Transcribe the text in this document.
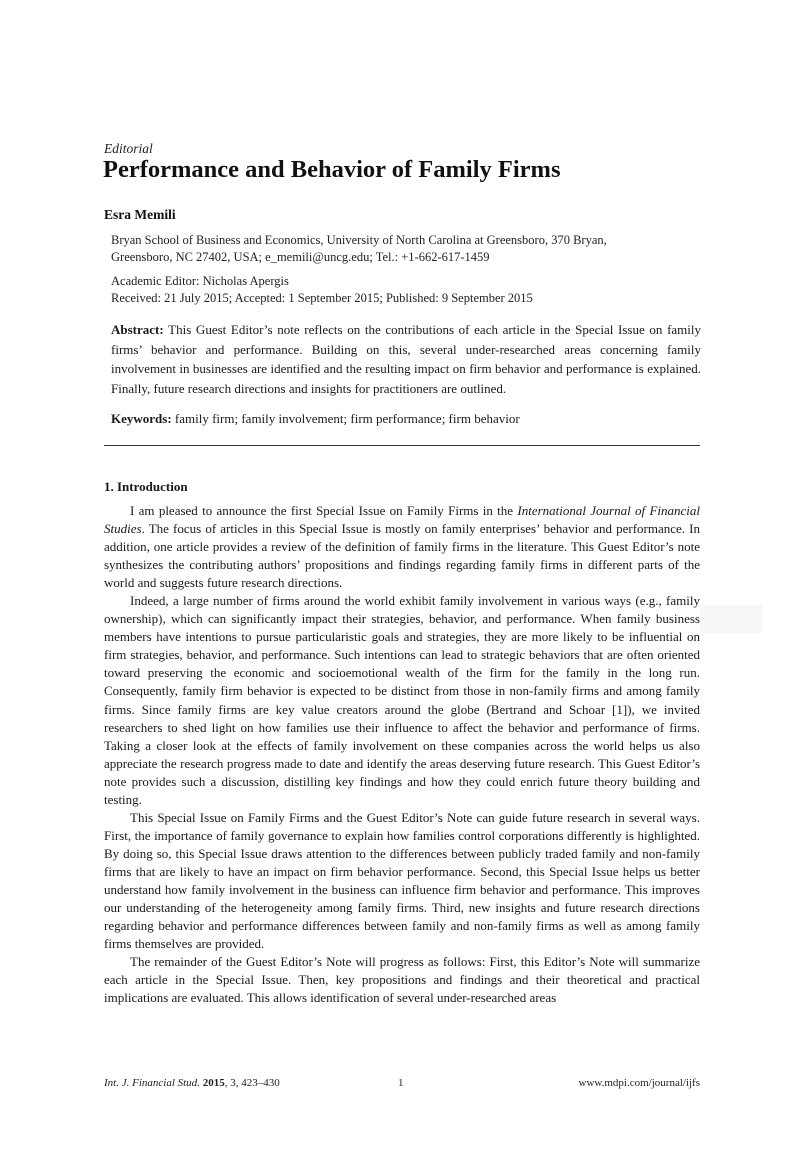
Editorial
Performance and Behavior of Family Firms
Esra Memili
Bryan School of Business and Economics, University of North Carolina at Greensboro, 370 Bryan,
Greensboro, NC 27402, USA; e_memili@uncg.edu; Tel.: +1-662-617-1459
Academic Editor: Nicholas Apergis
Received: 21 July 2015; Accepted: 1 September 2015; Published: 9 September 2015
Abstract: This Guest Editor’s note reflects on the contributions of each article in the Special Issue on family firms’ behavior and performance. Building on this, several under-researched areas concerning family involvement in businesses are identified and the resulting impact on firm behavior and performance is explained. Finally, future research directions and insights for practitioners are outlined.
Keywords: family firm; family involvement; firm performance; firm behavior
1. Introduction

I am pleased to announce the first Special Issue on Family Firms in the International Journal of Financial Studies. The focus of articles in this Special Issue is mostly on family enterprises’ behavior and performance. In addition, one article provides a review of the definition of family firms in the literature. This Guest Editor’s note synthesizes the contributing authors’ propositions and findings regarding family firms in different parts of the world and suggests future research directions.

Indeed, a large number of firms around the world exhibit family involvement in various ways (e.g., family ownership), which can significantly impact their strategies, behavior, and performance. When family business members have intentions to pursue particularistic goals and strategies, they are more likely to be influential on firm strategies, behavior, and performance. Such intentions can lead to strategic behaviors that are often oriented toward preserving the economic and socioemotional wealth of the firm for the family in the long run. Consequently, family firm behavior is expected to be distinct from those in non-family firms and among family firms. Since family firms are key value creators around the globe (Bertrand and Schoar [1]), we invited researchers to shed light on how families use their influence to affect the behavior and performance of firms. Taking a closer look at the effects of family involvement on these companies across the world helps us also appreciate the research progress made to date and identify the areas deserving future research. This Guest Editor’s note provides such a discussion, distilling key findings and how they could enrich future theory building and testing.

This Special Issue on Family Firms and the Guest Editor’s Note can guide future research in several ways. First, the importance of family governance to explain how families control corporations differently is highlighted. By doing so, this Special Issue draws attention to the differences between publicly traded family and non-family firms that are likely to have an impact on firm behavior performance. Second, this Special Issue helps us better understand how family involvement in the business can influence firm behavior and performance. This improves our understanding of the heterogeneity among family firms. Third, new insights and future research directions regarding behavior and performance differences between family and non-family firms as well as among family firms themselves are provided.

The remainder of the Guest Editor’s Note will progress as follows: First, this Editor’s Note will summarize each article in the Special Issue. Then, key propositions and findings and their theoretical and practical implications are evaluated. This allows identification of several under-researched areas

Int. J. Financial Stud. 2015, 3, 423–430	1	www.mdpi.com/journal/ijfs
